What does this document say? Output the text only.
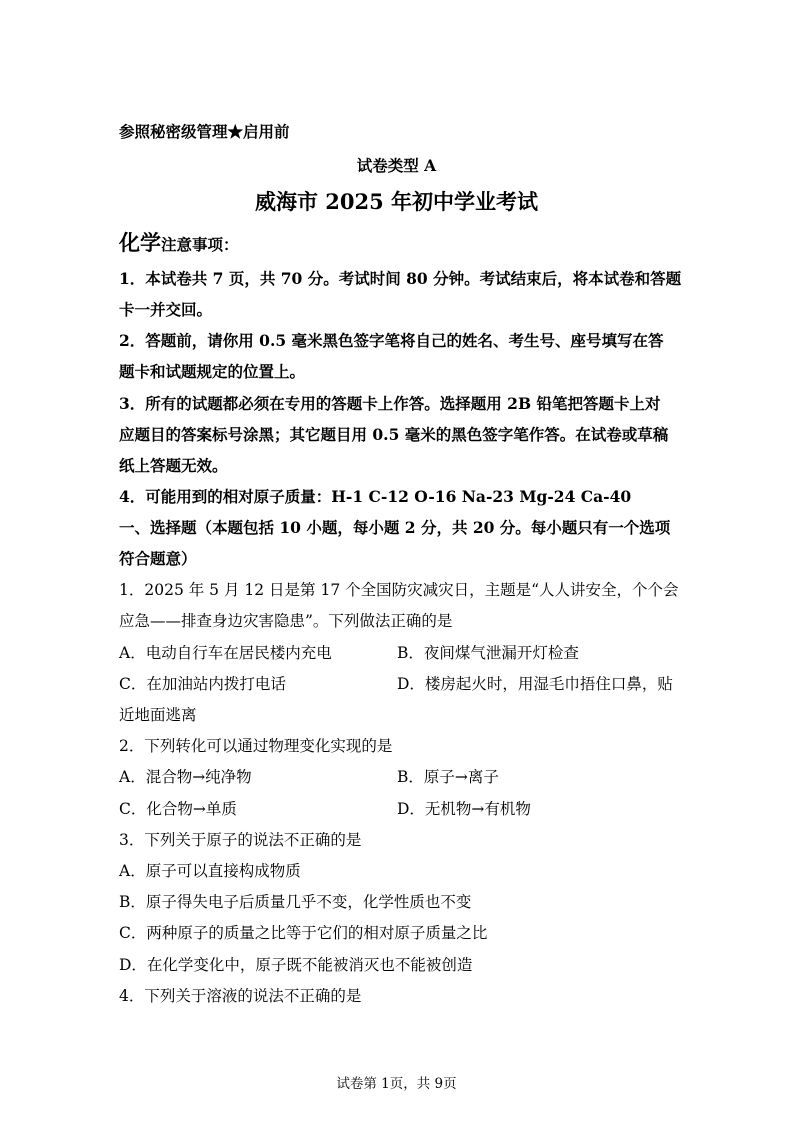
参照秘密级管理★启用前
试卷类型 A
威海市 2025 年初中学业考试
化学注意事项：
1．本试卷共 7 页，共 70 分。考试时间 80 分钟。考试结束后，将本试卷和答题
卡一并交回。
2．答题前，请你用 0.5 毫米黑色签字笔将自己的姓名、考生号、座号填写在答
题卡和试题规定的位置上。
3．所有的试题都必须在专用的答题卡上作答。选择题用 2B 铅笔把答题卡上对
应题目的答案标号涂黑；其它题目用 0.5 毫米的黑色签字笔作答。在试卷或草稿
纸上答题无效。
4．可能用到的相对原子质量：H-1 C-12 O-16 Na-23 Mg-24 Ca-40
一、选择题（本题包括 10 小题，每小题 2 分，共 20 分。每小题只有一个选项
符合题意）
1．2025 年 5 月 12 日是第 17 个全国防灾减灾日，主题是“人人讲安全，个个会
应急——排查身边灾害隐患”。下列做法正确的是
A．电动自行车在居民楼内充电	B．夜间煤气泄漏开灯检查
C．在加油站内拨打电话	D．楼房起火时，用湿毛巾捂住口鼻，贴
近地面逃离
2．下列转化可以通过物理变化实现的是
A．混合物→纯净物	B．原子→离子
C．化合物→单质	D．无机物→有机物
3．下列关于原子的说法不正确的是
A．原子可以直接构成物质
B．原子得失电子后质量几乎不变，化学性质也不变
C．两种原子的质量之比等于它们的相对原子质量之比
D．在化学变化中，原子既不能被消灭也不能被创造
4．下列关于溶液的说法不正确的是
试卷第 1页，共 9页
